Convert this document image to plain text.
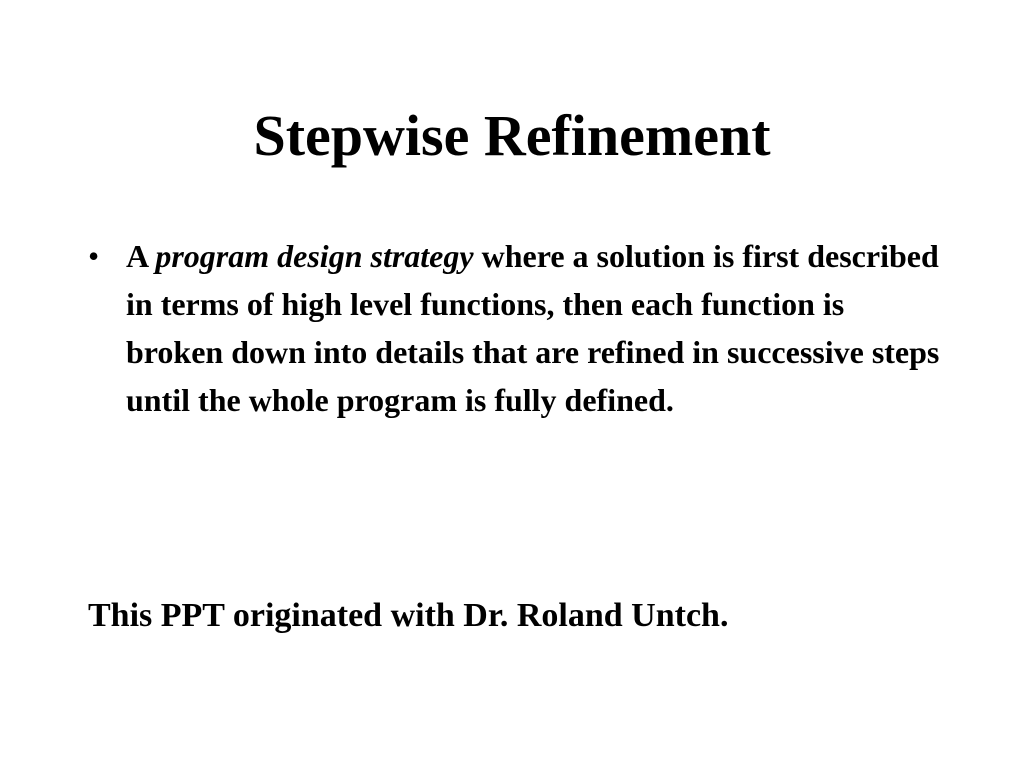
Stepwise Refinement
• A program design strategy where a solution is first described in terms of high level functions, then each function is broken down into details that are refined in successive steps until the whole program is fully defined.

This PPT originated with Dr. Roland Untch.
